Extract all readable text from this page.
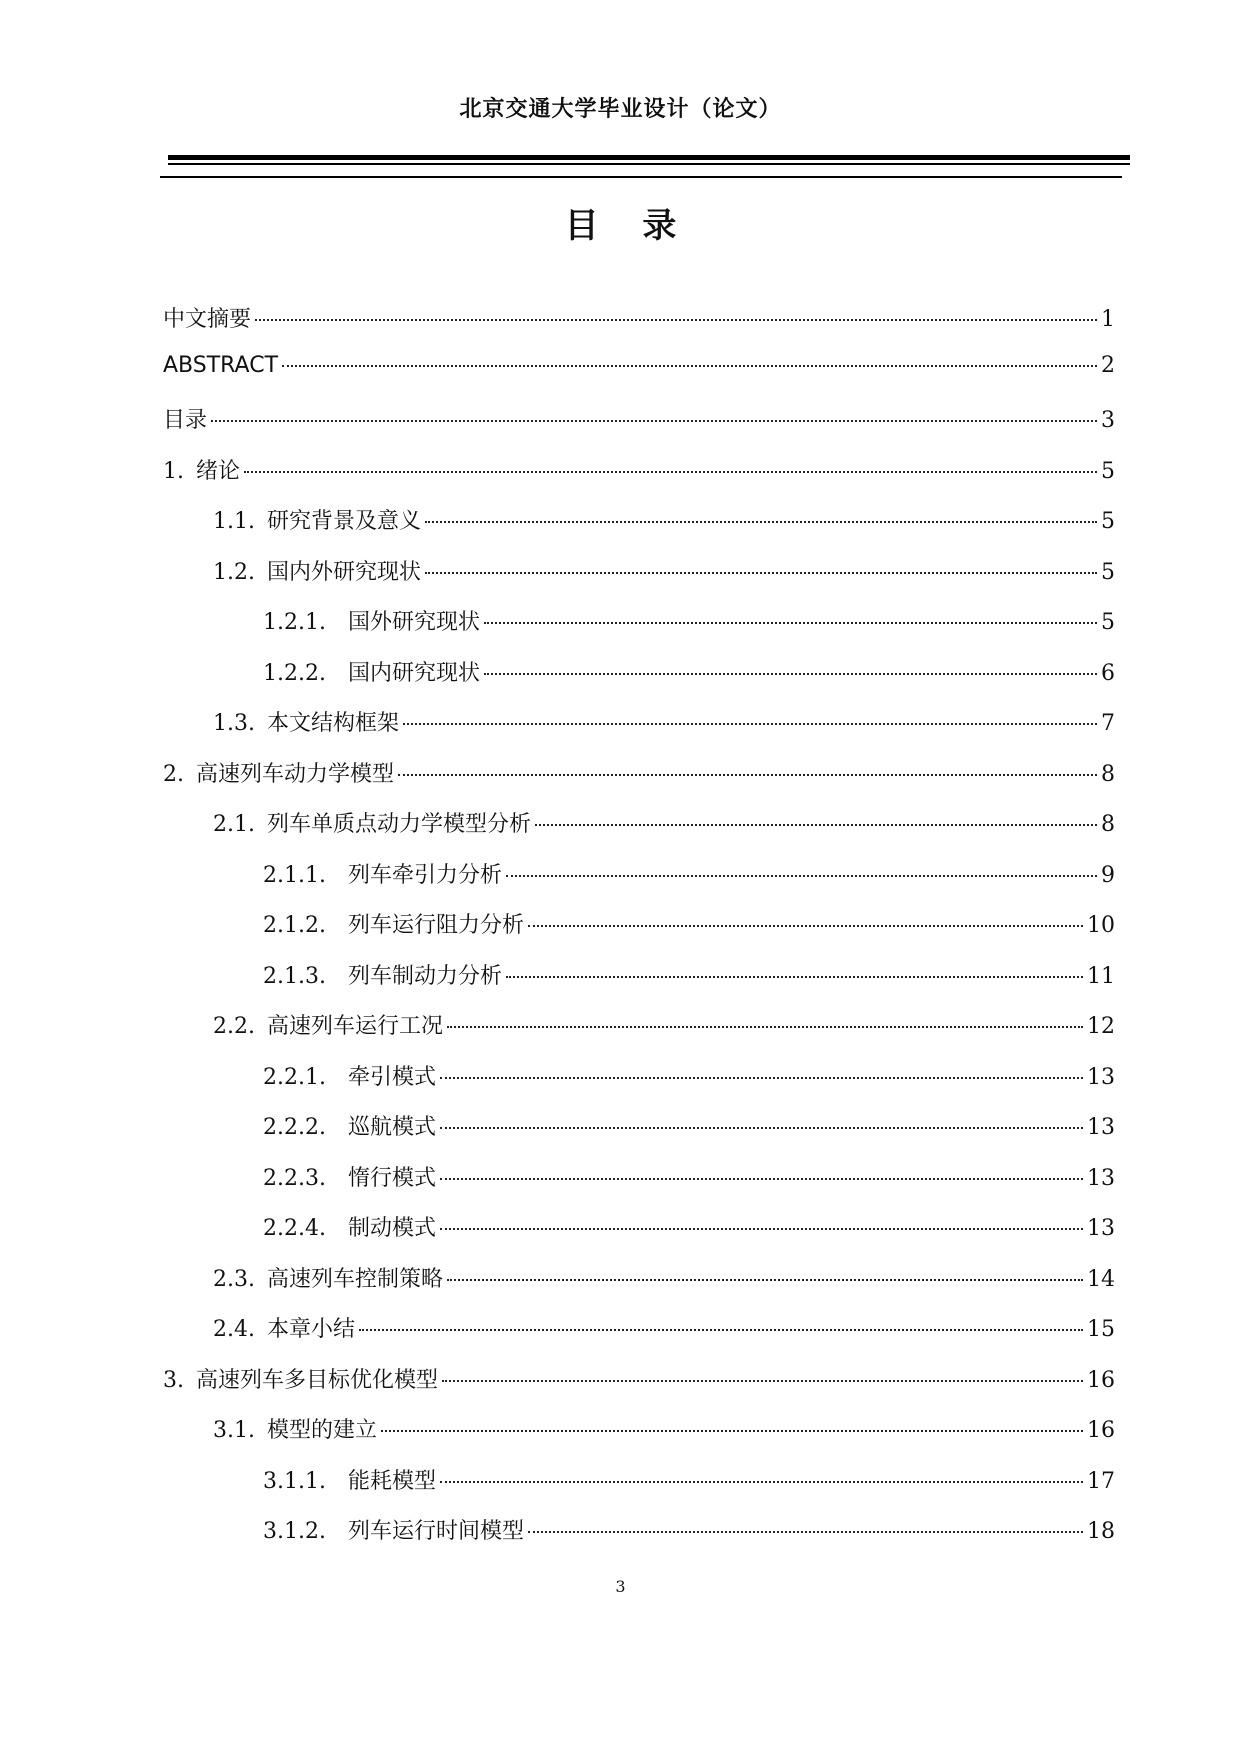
北京交通大学毕业设计（论文）
目 录
中文摘要	1
ABSTRACT	2
目录	3
1. 绪论	5
1.1. 研究背景及意义	5
1.2. 国内外研究现状	5
1.2.1. 国外研究现状	5
1.2.2. 国内研究现状	6
1.3. 本文结构框架	7
2. 高速列车动力学模型	8
2.1. 列车单质点动力学模型分析	8
2.1.1. 列车牵引力分析	9
2.1.2. 列车运行阻力分析	10
2.1.3. 列车制动力分析	11
2.2. 高速列车运行工况	12
2.2.1. 牵引模式	13
2.2.2. 巡航模式	13
2.2.3. 惰行模式	13
2.2.4. 制动模式	13
2.3. 高速列车控制策略	14
2.4. 本章小结	15
3. 高速列车多目标优化模型	16
3.1. 模型的建立	16
3.1.1. 能耗模型	17
3.1.2. 列车运行时间模型	18
3
